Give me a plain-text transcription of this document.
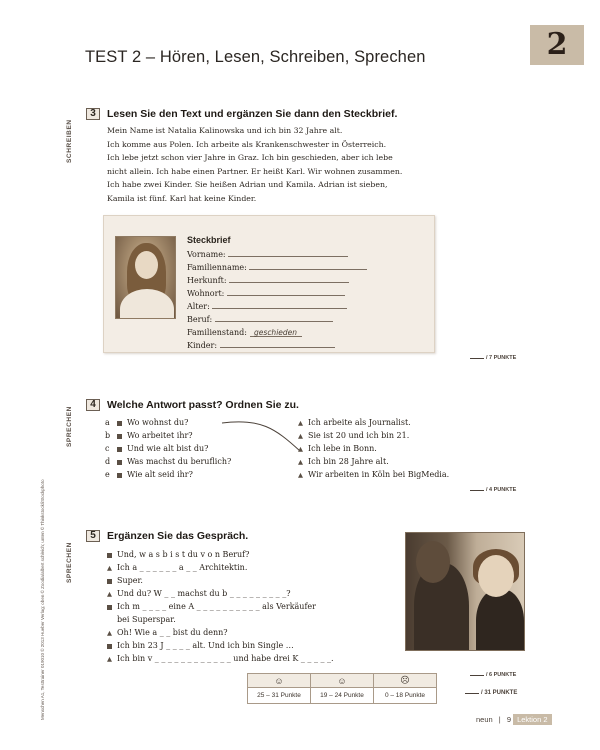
TEST 2 – Hören, Lesen, Schreiben, Sprechen	2
SCHREIBEN
SPRECHEN
SPRECHEN
Menschen A1, Testtrainer 019010 © 2013 Hueber Verlag; oben © Zoodia/albert schleich; unten © Thinkstock/iStockphoto
3	Lesen Sie den Text und ergänzen Sie dann den Steckbrief.
Mein Name ist Natalia Kalinowska und ich bin 32 Jahre alt.
Ich komme aus Polen. Ich arbeite als Krankenschwester in Österreich.
Ich lebe jetzt schon vier Jahre in Graz. Ich bin geschieden, aber ich lebe
nicht allein. Ich habe einen Partner. Er heißt Karl. Wir wohnen zusammen.
Ich habe zwei Kinder. Sie heißen Adrian und Kamila. Adrian ist sieben,
Kamila ist fünf. Karl hat keine Kinder.
Steckbrief
Vorname:
Familienname:
Herkunft:
Wohnort:
Alter:
Beruf:
Familienstand: geschieden
Kinder:
/ 7 PUNKTE
4	Welche Antwort passt? Ordnen Sie zu.
a Wo wohnst du?
b Wo arbeitet ihr?
c Und wie alt bist du?
d Was machst du beruflich?
e Wie alt seid ihr?
▲ Ich arbeite als Journalist.
▲ Sie ist 20 und ich bin 21.
▲ Ich lebe in Bonn.
▲ Ich bin 28 Jahre alt.
▲ Wir arbeiten in Köln bei BigMedia.
/ 4 PUNKTE
5	Ergänzen Sie das Gespräch.
Und, w a s b i s t du v o n Beruf?
▲ Ich a _ _ _ _ _ _ a _ _ Architektin.
Super.
▲ Und du? W _ _ machst du b _ _ _ _ _ _ _ _ _?
Ich m _ _ _ _ eine A _ _ _ _ _ _ _ _ _ _ als Verkäufer
bei Superspar.
▲ Oh! Wie a _ _ bist du denn?
Ich bin 23 J _ _ _ _ alt. Und ich bin Single …
▲ Ich bin v _ _ _ _ _ _ _ _ _ _ _ _ und habe drei K _ _ _ _ _.
/ 6 PUNKTE
☺	☺	☹
25 – 31 Punkte	19 – 24 Punkte	0 – 18 Punkte	/ 31 PUNKTE
neun | 9 Lektion 2
